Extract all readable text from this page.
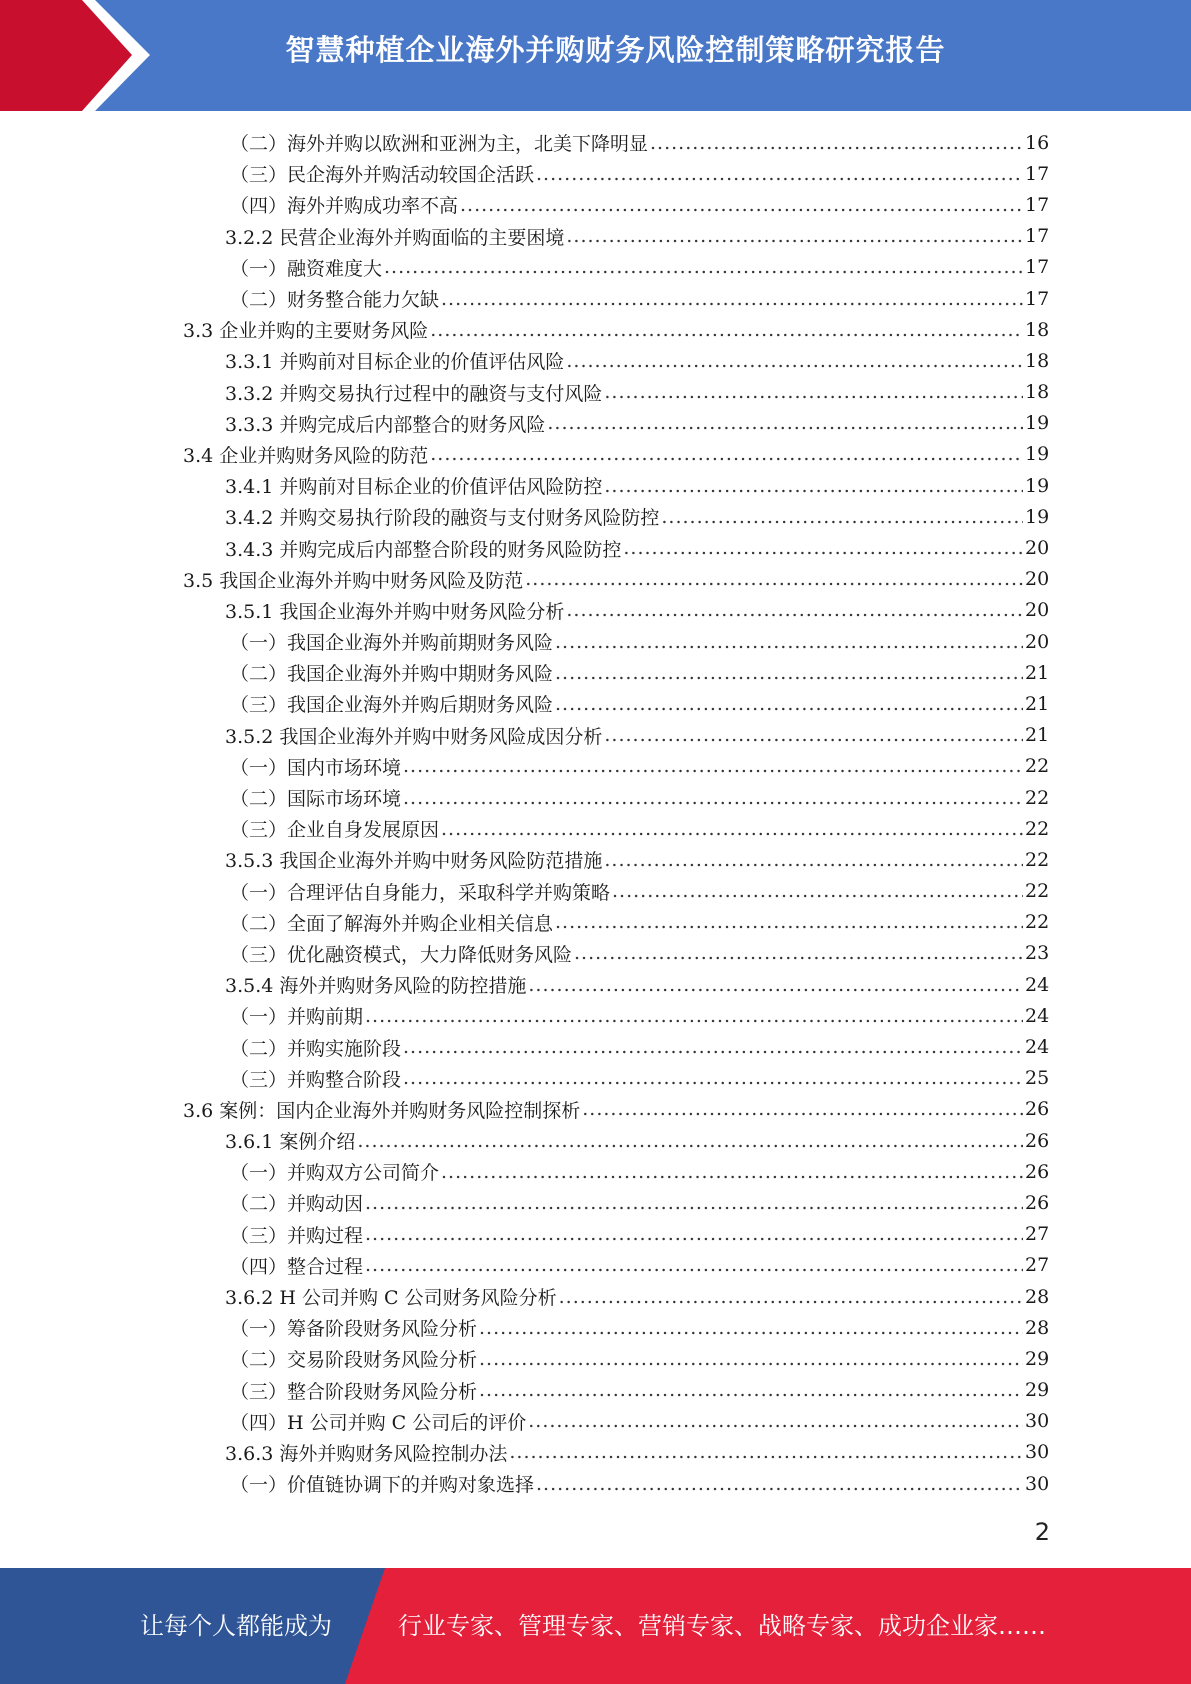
智慧种植企业海外并购财务风险控制策略研究报告
（二）海外并购以欧洲和亚洲为主，北美下降明显 .....	16
（三）民企海外并购活动较国企活跃 .....	17
（四）海外并购成功率不高 .....	17
3.2.2 民营企业海外并购面临的主要困境 .....	17
（一）融资难度大 .....	17
（二）财务整合能力欠缺 .....	17
3.3 企业并购的主要财务风险 .....	18
3.3.1 并购前对目标企业的价值评估风险 .....	18
3.3.2 并购交易执行过程中的融资与支付风险 .....	18
3.3.3 并购完成后内部整合的财务风险 .....	19
3.4 企业并购财务风险的防范 .....	19
3.4.1 并购前对目标企业的价值评估风险防控 .....	19
3.4.2 并购交易执行阶段的融资与支付财务风险防控 .....	19
3.4.3 并购完成后内部整合阶段的财务风险防控 .....	20
3.5 我国企业海外并购中财务风险及防范 .....	20
3.5.1 我国企业海外并购中财务风险分析 .....	20
（一）我国企业海外并购前期财务风险 .....	20
（二）我国企业海外并购中期财务风险 .....	21
（三）我国企业海外并购后期财务风险 .....	21
3.5.2 我国企业海外并购中财务风险成因分析 .....	21
（一）国内市场环境 .....	22
（二）国际市场环境 .....	22
（三）企业自身发展原因 .....	22
3.5.3 我国企业海外并购中财务风险防范措施 .....	22
（一）合理评估自身能力，采取科学并购策略 .....	22
（二）全面了解海外并购企业相关信息 .....	22
（三）优化融资模式，大力降低财务风险 .....	23
3.5.4 海外并购财务风险的防控措施 .....	24
（一）并购前期 .....	24
（二）并购实施阶段 .....	24
（三）并购整合阶段 .....	25
3.6 案例：国内企业海外并购财务风险控制探析 .....	26
3.6.1 案例介绍 .....	26
（一）并购双方公司简介 .....	26
（二）并购动因 .....	26
（三）并购过程 .....	27
（四）整合过程 .....	27
3.6.2 H 公司并购 C 公司财务风险分析 .....	28
（一）筹备阶段财务风险分析 .....	28
（二）交易阶段财务风险分析 .....	29
（三）整合阶段财务风险分析 .....	29
（四）H 公司并购 C 公司后的评价 .....	30
3.6.3 海外并购财务风险控制办法 .....	30
（一）价值链协调下的并购对象选择 .....	30
2
让每个人都能成为	行业专家、管理专家、营销专家、战略专家、成功企业家……
